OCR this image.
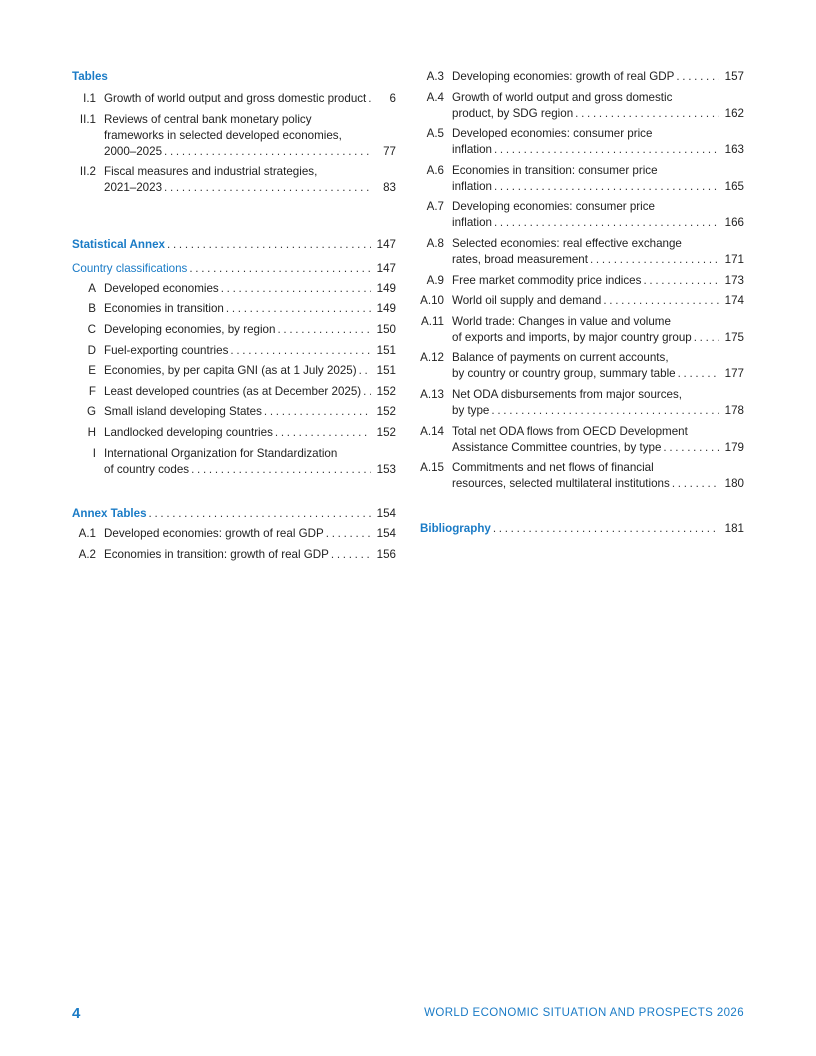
Tables
I.1 Growth of world output and gross domestic product . . .	6
II.1 Reviews of central bank monetary policy
frameworks in selected developed economies,
2000–2025 . . .	77
II.2 Fiscal measures and industrial strategies,
2021–2023 . . .	83
Statistical Annex . . .	147
Country classifications . . .	147
A Developed economies . . .	149
B Economies in transition . . .	149
C Developing economies, by region . . .	150
D Fuel-exporting countries . . .	151
E Economies, by per capita GNI (as at 1 July 2025) . . . 151
F Least developed countries (as at December 2025) . . . 152
G Small island developing States . . .	152
H Landlocked developing countries . . .	152
I International Organization for Standardization
of country codes . . .	153
Annex Tables . . .	154
A.1 Developed economies: growth of real GDP . . .	154
A.2 Economies in transition: growth of real GDP . . .	156
A.3 Developing economies: growth of real GDP . . .	157
A.4 Growth of world output and gross domestic
product, by SDG region . . .	162
A.5 Developed economies: consumer price
inflation . . .	163
A.6 Economies in transition: consumer price
inflation . . .	165
A.7 Developing economies: consumer price
inflation . . .	166
A.8 Selected economies: real effective exchange
rates, broad measurement . . .	171
A.9 Free market commodity price indices . . .	173
A.10 World oil supply and demand . . .	174
A.11 World trade: Changes in value and volume
of exports and imports, by major country group . . .	175
A.12 Balance of payments on current accounts,
by country or country group, summary table . . .	177
A.13 Net ODA disbursements from major sources,
by type . . .	178
A.14 Total net ODA flows from OECD Development
Assistance Committee countries, by type . . .	179
A.15 Commitments and net flows of financial
resources, selected multilateral institutions . . .	180
Bibliography . . .	181
4	WORLD ECONOMIC SITUATION AND PROSPECTS 2026
